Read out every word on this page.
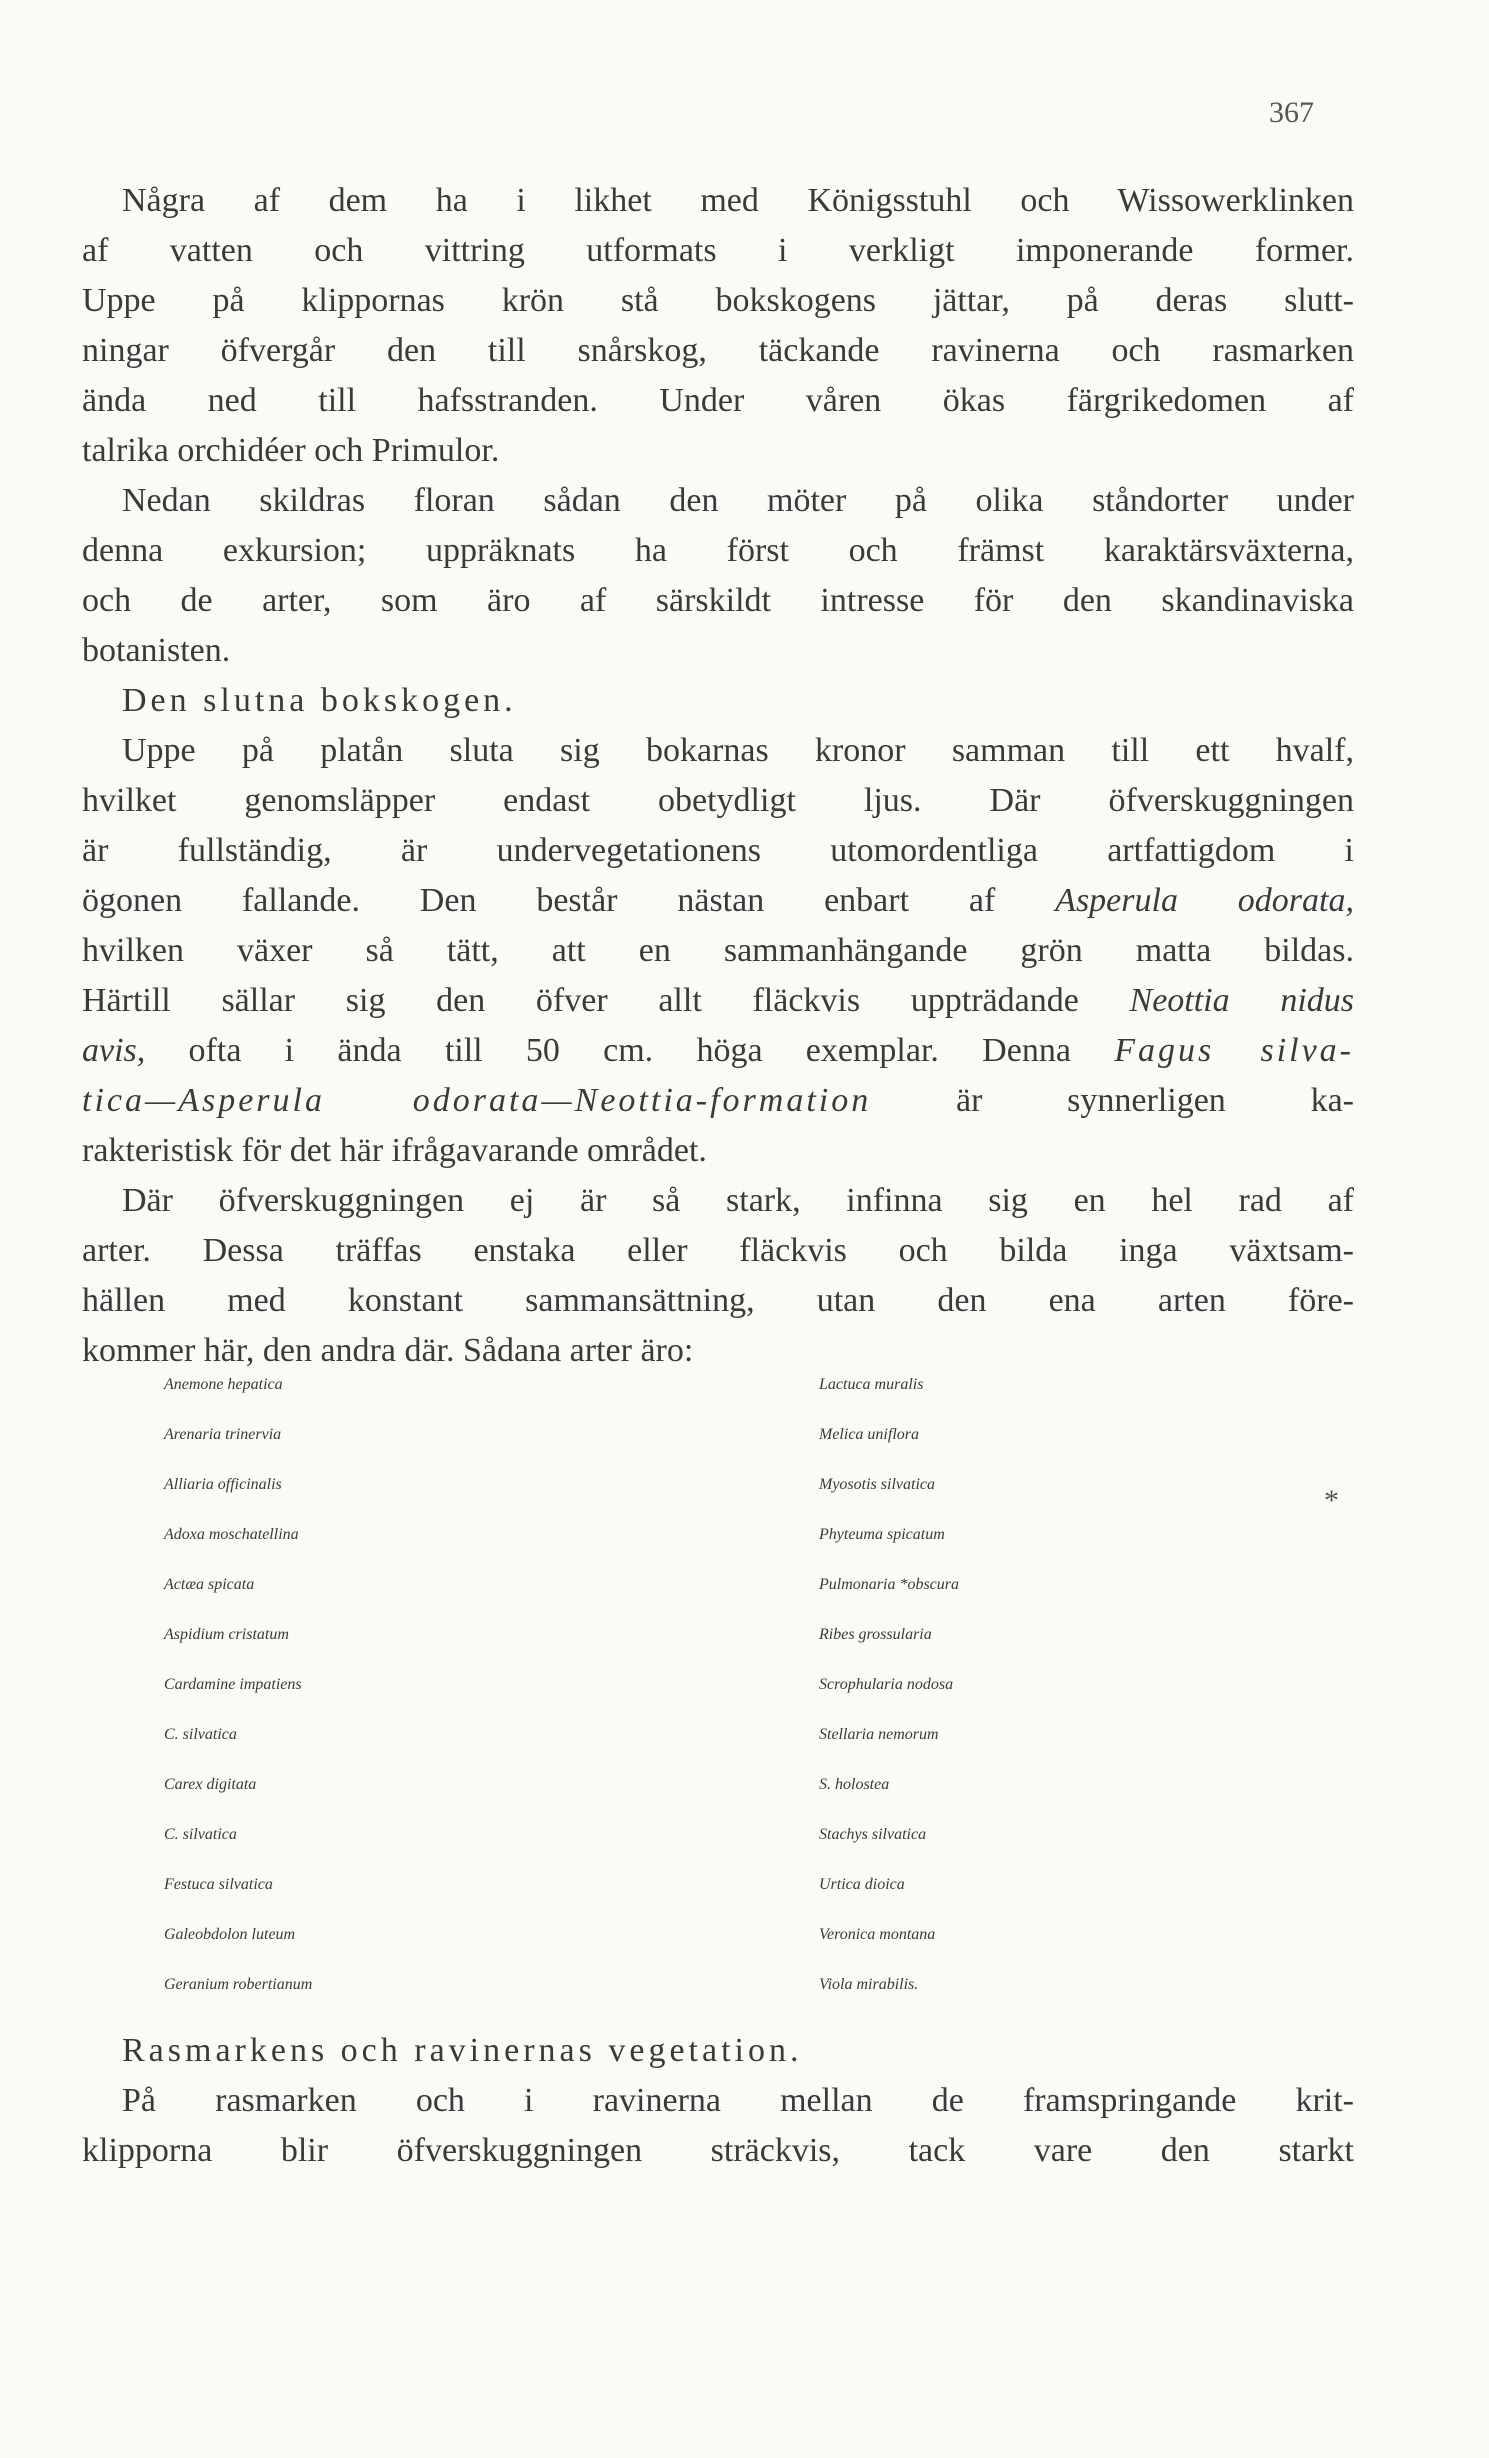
367
*
Några af dem ha i likhet med Königsstuhl och Wissowerklinken
af vatten och vittring utformats i verkligt imponerande former.
Uppe på klippornas krön stå bokskogens jättar, på deras slutt-
ningar öfvergår den till snårskog, täckande ravinerna och rasmarken
ända ned till hafsstranden. Under våren ökas färgrikedomen af
talrika orchidéer och Primulor.
Nedan skildras floran sådan den möter på olika ståndorter under
denna exkursion; uppräknats ha först och främst karaktärsväxterna,
och de arter, som äro af särskildt intresse för den skandinaviska
botanisten.
Den slutna bokskogen.
Uppe på platån sluta sig bokarnas kronor samman till ett hvalf,
hvilket genomsläpper endast obetydligt ljus. Där öfverskuggningen
är fullständig, är undervegetationens utomordentliga artfattigdom i
ögonen fallande. Den består nästan enbart af Asperula odorata,
hvilken växer så tätt, att en sammanhängande grön matta bildas.
Härtill sällar sig den öfver allt fläckvis uppträdande Neottia nidus
avis, ofta i ända till 50 cm. höga exemplar. Denna Fagus silva-
tica—Asperula odorata—Neottia-formation är synnerligen ka-
rakteristisk för det här ifrågavarande området.
Där öfverskuggningen ej är så stark, infinna sig en hel rad af
arter. Dessa träffas enstaka eller fläckvis och bilda inga växtsam-
hällen med konstant sammansättning, utan den ena arten före-
kommer här, den andra där. Sådana arter äro:
Anemone hepatica	Lactuca muralis
Arenaria trinervia	Melica uniflora
Alliaria officinalis	Myosotis silvatica
Adoxa moschatellina	Phyteuma spicatum
Actæa spicata	Pulmonaria *obscura
Aspidium cristatum	Ribes grossularia
Cardamine impatiens	Scrophularia nodosa
C. silvatica	Stellaria nemorum
Carex digitata	S. holostea
C. silvatica	Stachys silvatica
Festuca silvatica	Urtica dioica
Galeobdolon luteum	Veronica montana
Geranium robertianum	Viola mirabilis.
Rasmarkens och ravinernas vegetation.
På rasmarken och i ravinerna mellan de framspringande krit-
klipporna blir öfverskuggningen sträckvis, tack vare den starkt
